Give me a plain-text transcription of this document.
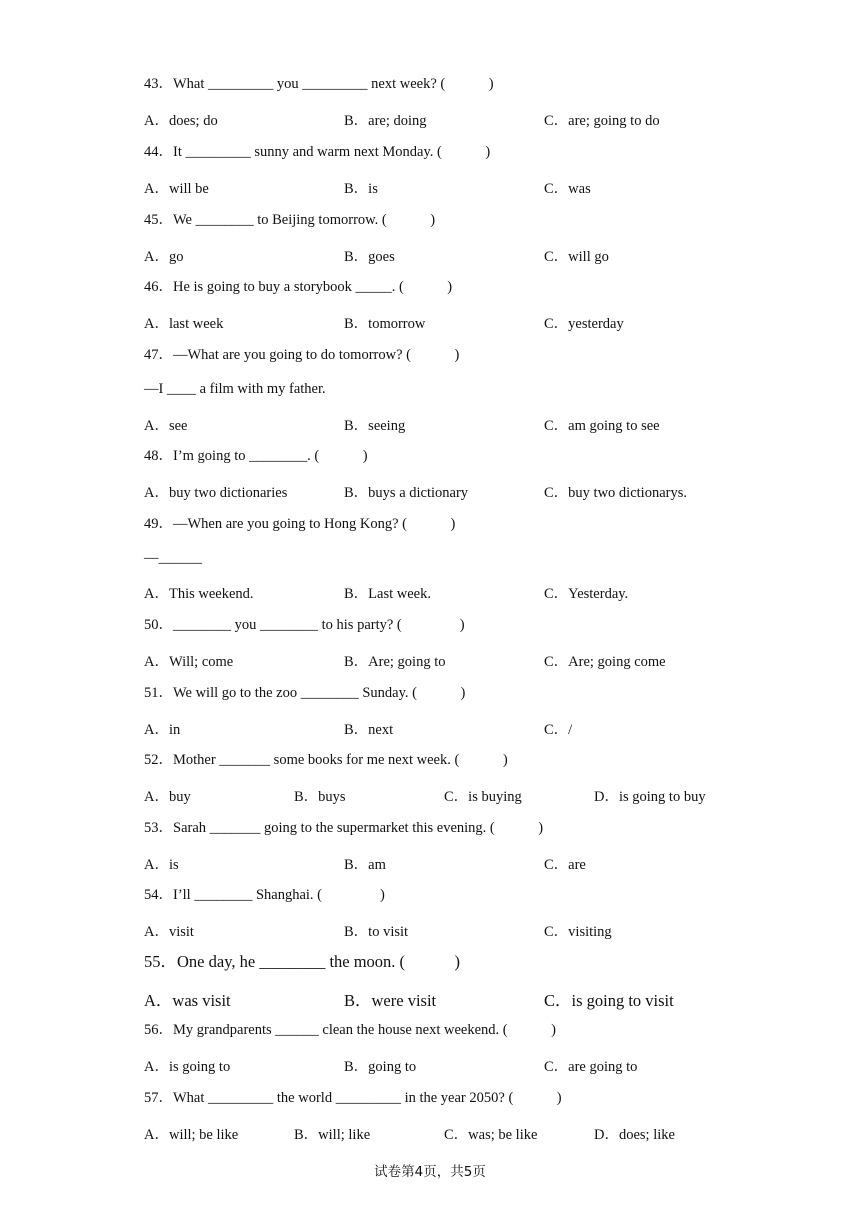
43．What _________ you _________ next week? (　　　)
A．does; do	B．are; doing	C．are; going to do
44．It _________ sunny and warm next Monday. (　　　)
A．will be	B．is	C．was
45．We ________ to Beijing tomorrow. (　　　)
A．go	B．goes	C．will go
46．He is going to buy a storybook _____. (　　　)
A．last week	B．tomorrow	C．yesterday
47．—What are you going to do tomorrow? (　　　)
—I ____ a film with my father.
A．see	B．seeing	C．am going to see
48．I’m going to ________. (　　　)
A．buy two dictionaries	B．buys a dictionary	C．buy two dictionarys.
49．—When are you going to Hong Kong? (　　　)
—______
A．This weekend.	B．Last week.	C．Yesterday.
50．________ you ________ to his party? (　　　　)
A．Will; come	B．Are; going to	C．Are; going come
51．We will go to the zoo ________ Sunday. (　　　)
A．in	B．next	C．/
52．Mother _______ some books for me next week. (　　　)
A．buy	B．buys	C．is buying	D．is going to buy
53．Sarah _______ going to the supermarket this evening. (　　　)
A．is	B．am	C．are
54．I’ll ________ Shanghai. (　　　　)
A．visit	B．to visit	C．visiting
55．One day, he ________ the moon. (　　　)
A．was visit	B．were visit	C．is going to visit
56．My grandparents ______ clean the house next weekend. (　　　)
A．is going to	B．going to	C．are going to
57．What _________ the world _________ in the year 2050? (　　　)
A．will; be like	B．will; like	C．was; be like	D．does; like
试卷第4页，共5页
